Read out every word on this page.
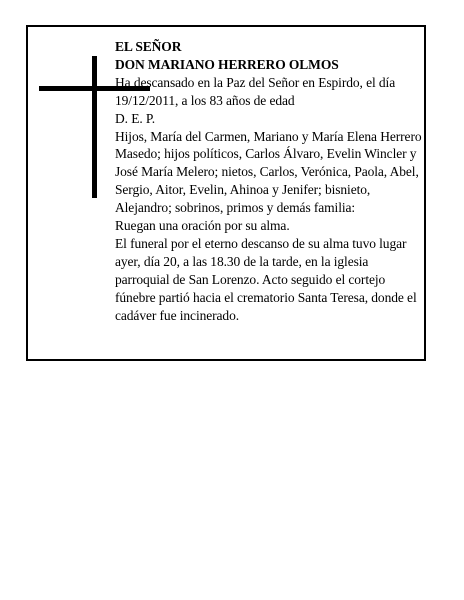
EL SEÑOR

DON MARIANO HERRERO OLMOS

Ha descansado en la Paz del Señor en Espirdo, el día 19/12/2011, a los 83 años de edad

D. E. P.

Hijos, María del Carmen, Mariano y María Elena Herrero Masedo; hijos políticos, Carlos Álvaro, Evelin Wincler y José María Melero; nietos, Carlos, Verónica, Paola, Abel, Sergio, Aitor, Evelin, Ahinoa y Jenifer; bisnieto, Alejandro; sobrinos, primos y demás familia:

Ruegan una oración por su alma.

El funeral por el eterno descanso de su alma tuvo lugar ayer, día 20, a las 18.30 de la tarde, en la iglesia parroquial de San Lorenzo. Acto seguido el cortejo fúnebre partió hacia el crematorio Santa Teresa, donde el cadáver fue incinerado.
